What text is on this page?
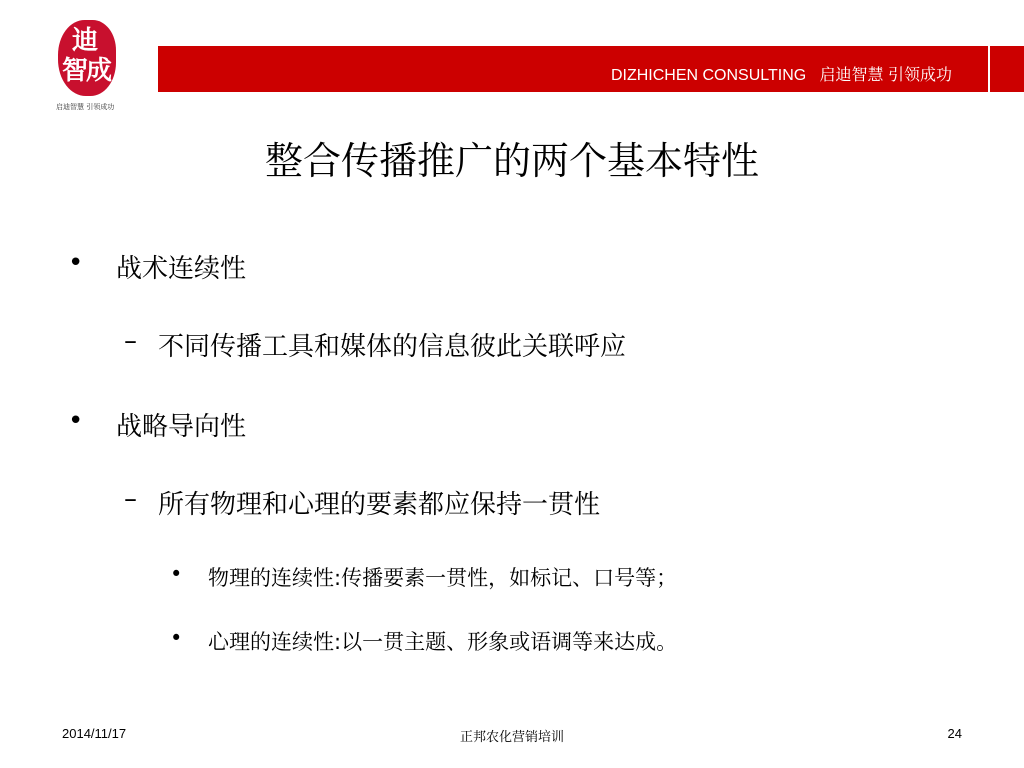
迪
智
成
启迪智慧 引领成功
DIZHICHEN CONSULTING 启迪智慧 引领成功
整合传播推广的两个基本特性
• 战术连续性
– 不同传播工具和媒体的信息彼此关联呼应
• 战略导向性
– 所有物理和心理的要素都应保持一贯性
• 物理的连续性:传播要素一贯性，如标记、口号等；
• 心理的连续性:以一贯主题、形象或语调等来达成。
2014/11/17	正邦农化营销培训	24
